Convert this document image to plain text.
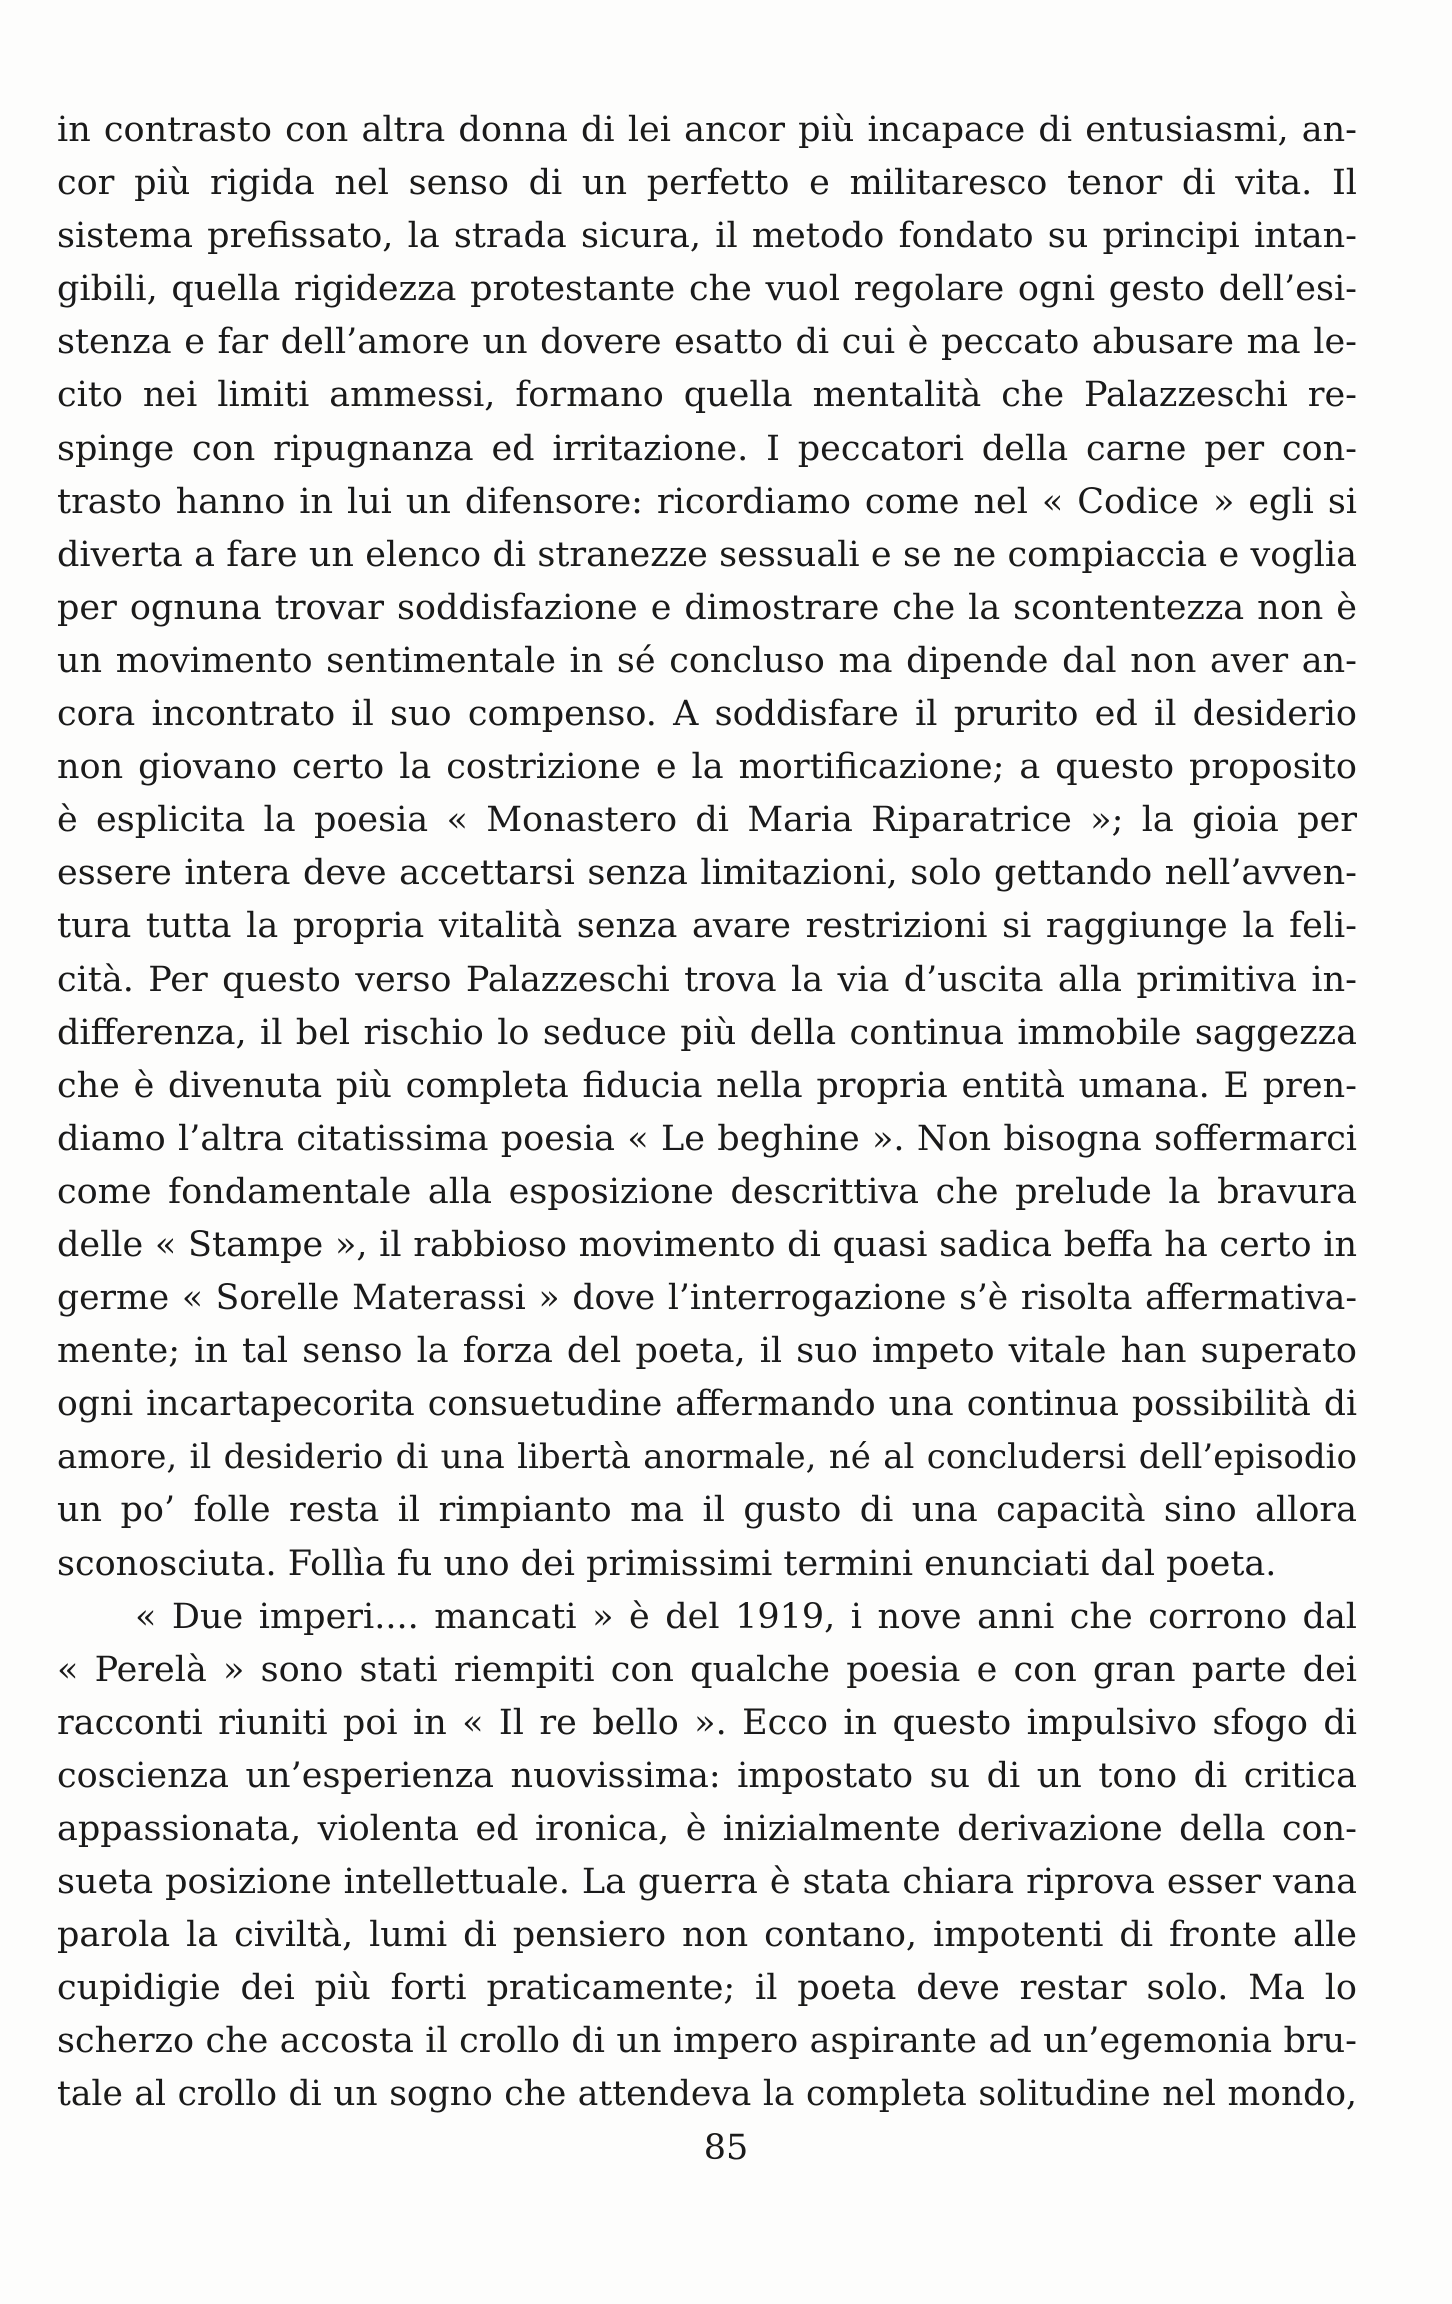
in contrasto con altra donna di lei ancor più incapace di entusiasmi, an-
cor più rigida nel senso di un perfetto e militaresco tenor di vita. Il
sistema prefissato, la strada sicura, il metodo fondato su principi intan-
gibili, quella rigidezza protestante che vuol regolare ogni gesto dell’esi-
stenza e far dell’amore un dovere esatto di cui è peccato abusare ma le-
cito nei limiti ammessi, formano quella mentalità che Palazzeschi re-
spinge con ripugnanza ed irritazione. I peccatori della carne per con-
trasto hanno in lui un difensore: ricordiamo come nel « Codice » egli si
diverta a fare un elenco di stranezze sessuali e se ne compiaccia e voglia
per ognuna trovar soddisfazione e dimostrare che la scontentezza non è
un movimento sentimentale in sé concluso ma dipende dal non aver an-
cora incontrato il suo compenso. A soddisfare il prurito ed il desiderio
non giovano certo la costrizione e la mortificazione; a questo proposito
è esplicita la poesia « Monastero di Maria Riparatrice »; la gioia per
essere intera deve accettarsi senza limitazioni, solo gettando nell’avven-
tura tutta la propria vitalità senza avare restrizioni si raggiunge la feli-
cità. Per questo verso Palazzeschi trova la via d’uscita alla primitiva in-
differenza, il bel rischio lo seduce più della continua immobile saggezza
che è divenuta più completa fiducia nella propria entità umana. E pren-
diamo l’altra citatissima poesia « Le beghine ». Non bisogna soffermarci
come fondamentale alla esposizione descrittiva che prelude la bravura
delle « Stampe », il rabbioso movimento di quasi sadica beffa ha certo in
germe « Sorelle Materassi » dove l’interrogazione s’è risolta affermativa-
mente; in tal senso la forza del poeta, il suo impeto vitale han superato
ogni incartapecorita consuetudine affermando una continua possibilità di
amore, il desiderio di una libertà anormale, né al concludersi dell’episodio
un po’ folle resta il rimpianto ma il gusto di una capacità sino allora
sconosciuta. Follìa fu uno dei primissimi termini enunciati dal poeta.
« Due imperi.... mancati » è del 1919, i nove anni che corrono dal
« Perelà » sono stati riempiti con qualche poesia e con gran parte dei
racconti riuniti poi in « Il re bello ». Ecco in questo impulsivo sfogo di
coscienza un’esperienza nuovissima: impostato su di un tono di critica
appassionata, violenta ed ironica, è inizialmente derivazione della con-
sueta posizione intellettuale. La guerra è stata chiara riprova esser vana
parola la civiltà, lumi di pensiero non contano, impotenti di fronte alle
cupidigie dei più forti praticamente; il poeta deve restar solo. Ma lo
scherzo che accosta il crollo di un impero aspirante ad un’egemonia bru-
tale al crollo di un sogno che attendeva la completa solitudine nel mondo,
85
